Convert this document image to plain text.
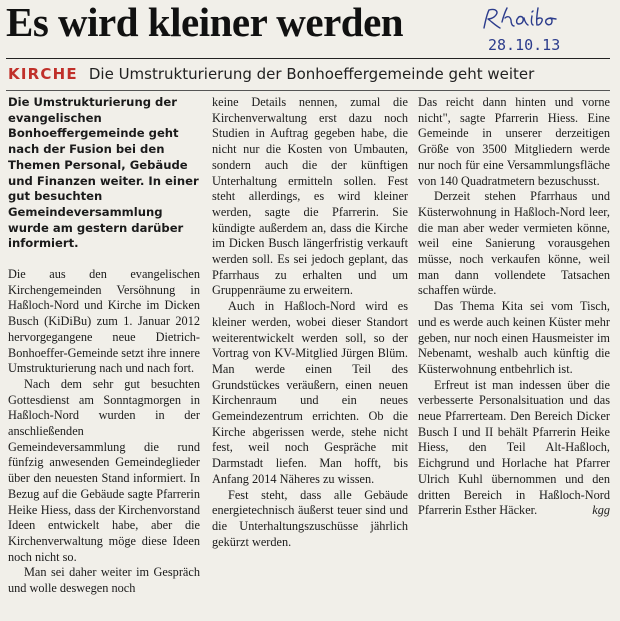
Es wird kleiner werden	28.10.13
KIRCHE Die Umstrukturierung der Bonhoeffergemeinde geht weiter

Die Umstrukturierung der evangelischen Bonhoeffergemeinde geht nach der Fusion bei den Themen Personal, Gebäude und Finanzen weiter. In einer gut besuchten Gemeindeversammlung wurde am gestern darüber informiert.

Die aus den evangelischen Kirchengemeinden Versöhnung in Haßloch-Nord und Kirche im Dicken Busch (KiDiBu) zum 1. Januar 2012 hervorgegangene neue Dietrich-Bonhoeffer-Gemeinde setzt ihre innere Umstrukturierung nach und nach fort.

Nach dem sehr gut besuchten Gottesdienst am Sonntagmorgen in Haßloch-Nord wurden in der anschließenden Gemeindeversammlung die rund fünfzig anwesenden Gemeindeglieder über den neuesten Stand informiert. In Bezug auf die Gebäude sagte Pfarrerin Heike Hiess, dass der Kirchenvorstand Ideen entwickelt habe, aber die Kirchenverwaltung möge diese Ideen noch nicht so.

Man sei daher weiter im Gespräch und wolle deswegen noch

keine Details nennen, zumal die Kirchenverwaltung erst dazu noch Studien in Auftrag gegeben habe, die nicht nur die Kosten von Umbauten, sondern auch die der künftigen Unterhaltung ermitteln sollen. Fest steht allerdings, es wird kleiner werden, sagte die Pfarrerin. Sie kündigte außerdem an, dass die Kirche im Dicken Busch längerfristig verkauft werden soll. Es sei jedoch geplant, das Pfarrhaus zu erhalten und um Gruppenräume zu erweitern.

Auch in Haßloch-Nord wird es kleiner werden, wobei dieser Standort weiterentwickelt werden soll, so der Vortrag von KV-Mitglied Jürgen Blüm. Man werde einen Teil des Grundstückes veräußern, einen neuen Kirchenraum und ein neues Gemeindezentrum errichten. Ob die Kirche abgerissen werde, stehe nicht fest, weil noch Gespräche mit Darmstadt liefen. Man hofft, bis Anfang 2014 Näheres zu wissen.

Fest steht, dass alle Gebäude energietechnisch äußerst teuer sind und die Unterhaltungszuschüsse jährlich gekürzt werden.

Das reicht dann hinten und vorne nicht", sagte Pfarrerin Hiess. Eine Gemeinde in unserer derzeitigen Größe von 3500 Mitgliedern werde nur noch für eine Versammlungsfläche von 140 Quadratmetern bezuschusst.

Derzeit stehen Pfarrhaus und Küsterwohnung in Haßloch-Nord leer, die man aber weder vermieten könne, weil eine Sanierung vorausgehen müsse, noch verkaufen könne, weil man dann vollendete Tatsachen schaffen würde.

Das Thema Kita sei vom Tisch, und es werde auch keinen Küster mehr geben, nur noch einen Hausmeister im Nebenamt, weshalb auch künftig die Küsterwohnung entbehrlich ist.

Erfreut ist man indessen über die verbesserte Personalsituation und das neue Pfarrerteam. Den Bereich Dicker Busch I und II behält Pfarrerin Heike Hiess, den Teil Alt-Haßloch, Eichgrund und Horlache hat Pfarrer Ulrich Kuhl übernommen und den dritten Bereich in Haßloch-Nord Pfarrerin Esther Häcker.	kgg
